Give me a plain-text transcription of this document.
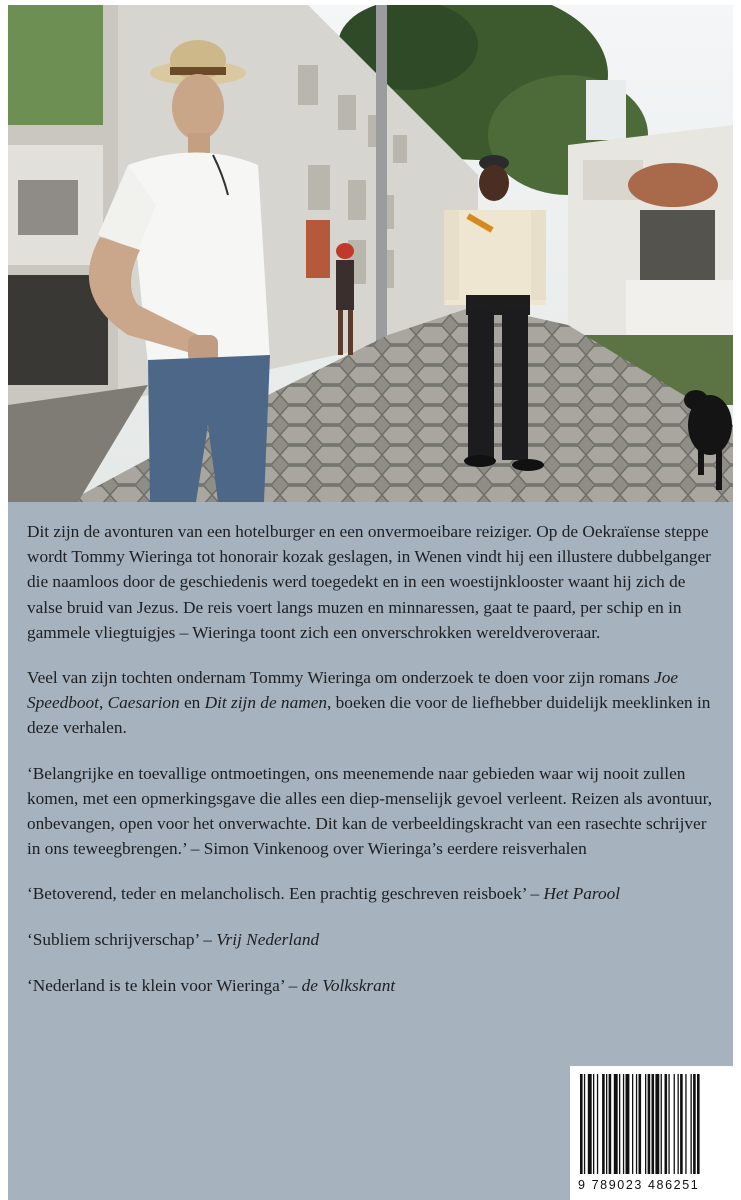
Dit zijn de avonturen van een hotelburger en een onvermoeibare reiziger. Op de Oekraïense steppe wordt Tommy Wieringa tot honorair kozak geslagen, in Wenen vindt hij een illustere dubbelganger die naamloos door de geschiedenis werd toegedekt en in een woestijnklooster waant hij zich de valse bruid van Jezus. De reis voert langs muzen en minnaressen, gaat te paard, per schip en in gammele vliegtuigjes – Wieringa toont zich een onverschrokken wereldveroveraar.

Veel van zijn tochten ondernam Tommy Wieringa om onderzoek te doen voor zijn romans Joe Speedboot, Caesarion en Dit zijn de namen, boeken die voor de liefhebber duidelijk meeklinken in deze verhalen.

‘Belangrijke en toevallige ontmoetingen, ons meenemende naar gebieden waar wij nooit zullen komen, met een opmerkingsgave die alles een diep-menselijk gevoel verleent. Reizen als avontuur, onbevangen, open voor het onverwachte. Dit kan de verbeeldingskracht van een rasechte schrijver in ons teweegbrengen.’ – Simon Vinkenoog over Wieringa’s eerdere reisverhalen

‘Betoverend, teder en melancholisch. Een prachtig geschreven reisboek’ – Het Parool

‘Subliem schrijverschap’ – Vrij Nederland

‘Nederland is te klein voor Wieringa’ – de Volkskrant

9 789023 486251
